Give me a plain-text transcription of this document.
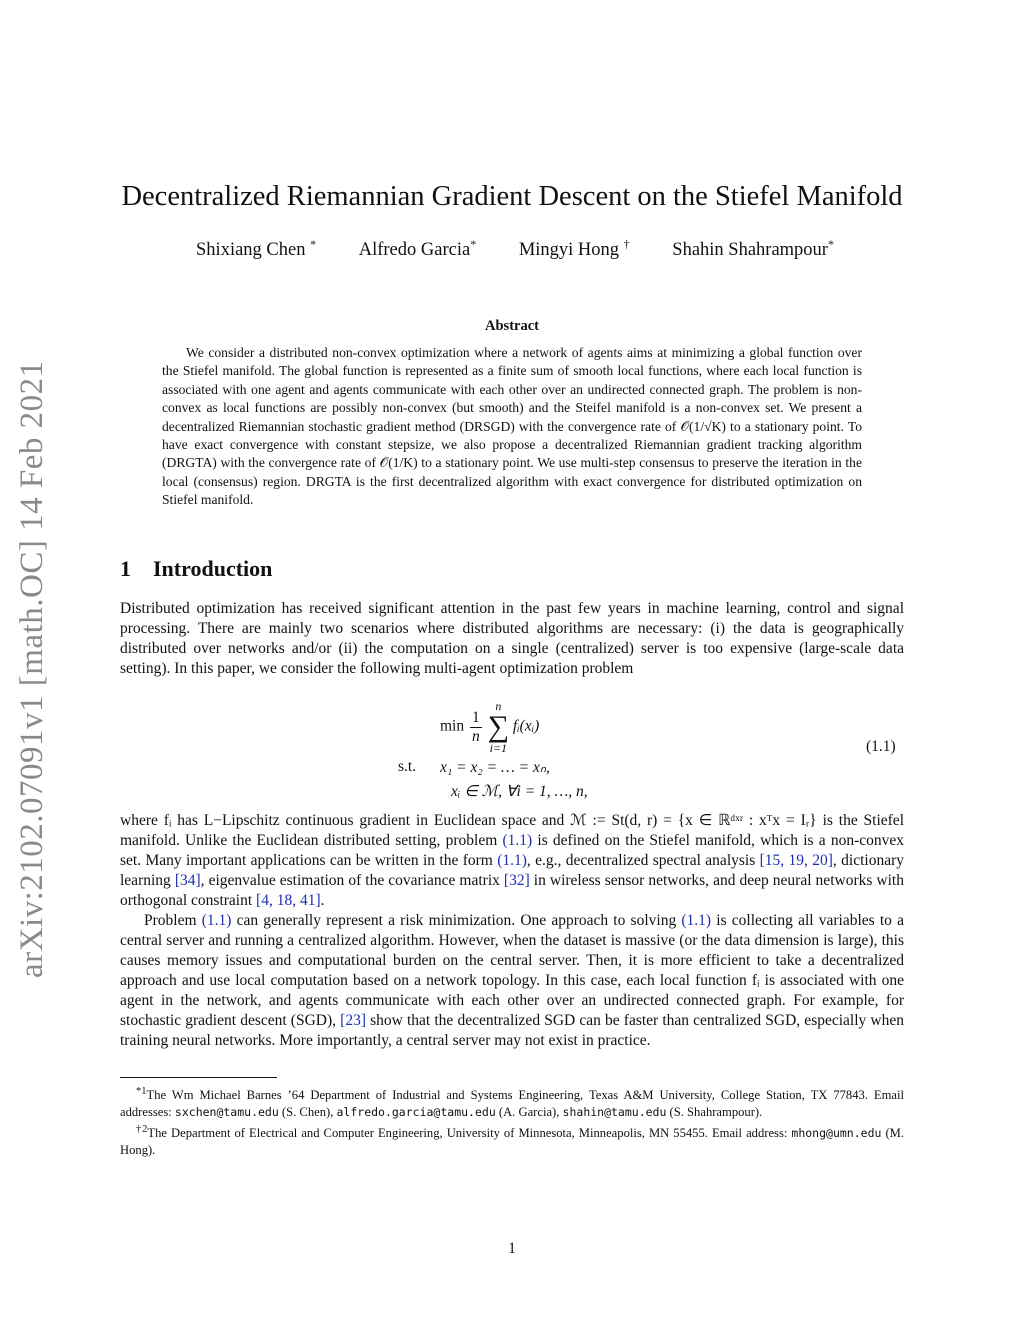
arXiv:2102.07091v1 [math.OC] 14 Feb 2021
Decentralized Riemannian Gradient Descent on the Stiefel Manifold
Shixiang Chen * Alfredo Garcia* Mingyi Hong † Shahin Shahrampour*
Abstract
We consider a distributed non-convex optimization where a network of agents aims at minimizing a global function over the Stiefel manifold. The global function is represented as a finite sum of smooth local functions, where each local function is associated with one agent and agents communicate with each other over an undirected connected graph. The problem is non-convex as local functions are possibly non-convex (but smooth) and the Steifel manifold is a non-convex set. We present a decentralized Riemannian stochastic gradient method (DRSGD) with the convergence rate of 𝒪(1/√K) to a stationary point. To have exact convergence with constant stepsize, we also propose a decentralized Riemannian gradient tracking algorithm (DRGTA) with the convergence rate of 𝒪(1/K) to a stationary point. We use multi-step consensus to preserve the iteration in the local (consensus) region. DRGTA is the first decentralized algorithm with exact convergence for distributed optimization on Stiefel manifold.
1 Introduction
Distributed optimization has received significant attention in the past few years in machine learning, control and signal processing. There are mainly two scenarios where distributed algorithms are necessary: (i) the data is geographically distributed over networks and/or (ii) the computation on a single (centralized) server is too expensive (large-scale data setting). In this paper, we consider the following multi-agent optimization problem
$\min \frac{1}{n}$
n
∑
i=1 fᵢ(xᵢ)
s.t. x₁ = x₂ = … = xₙ,
xᵢ ∈ ℳ, ∀i = 1, …, n,
(1.1)
where fᵢ has L−Lipschitz continuous gradient in Euclidean space and ℳ := St(d, r) = {x ∈ ℝᵈˣʳ : xᵀx = Iᵣ} is the Stiefel manifold. Unlike the Euclidean distributed setting, problem (1.1) is defined on the Stiefel manifold, which is a non-convex set. Many important applications can be written in the form (1.1), e.g., decentralized spectral analysis [15, 19, 20], dictionary learning [34], eigenvalue estimation of the covariance matrix [32] in wireless sensor networks, and deep neural networks with orthogonal constraint [4, 18, 41].
Problem (1.1) can generally represent a risk minimization. One approach to solving (1.1) is collecting all variables to a central server and running a centralized algorithm. However, when the dataset is massive (or the data dimension is large), this causes memory issues and computational burden on the central server. Then, it is more efficient to take a decentralized approach and use local computation based on a network topology. In this case, each local function fᵢ is associated with one agent in the network, and agents communicate with each other over an undirected connected graph. For example, for stochastic gradient descent (SGD), [23] show that the decentralized SGD can be faster than centralized SGD, especially when training neural networks. More importantly, a central server may not exist in practice.

$^{*1}$The Wm Michael Barnes ’64 Department of Industrial and Systems Engineering, Texas A&M University, College Station, TX 77843. Email addresses: sxchen@tamu.edu (S. Chen), alfredo.garcia@tamu.edu (A. Garcia), shahin@tamu.edu (S. Shahrampour).

$^{\dagger 2}$The Department of Electrical and Computer Engineering, University of Minnesota, Minneapolis, MN 55455. Email address: mhong@umn.edu (M. Hong).

1
